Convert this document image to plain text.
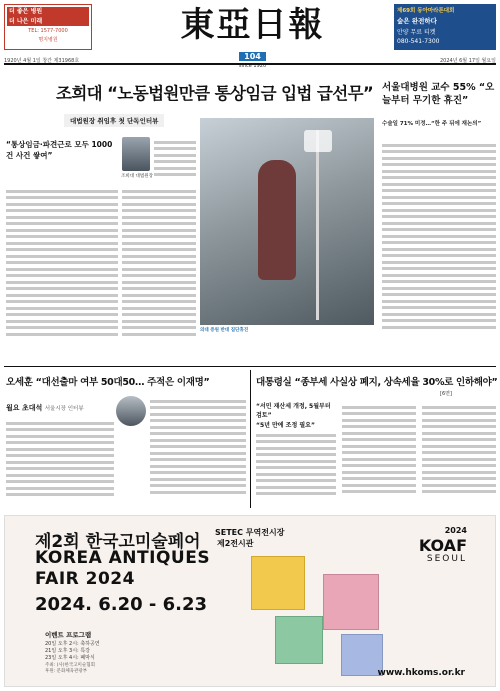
더 좋은 병원
더 나은 미래
TEL: 1577-7000
명지병원	東亞日報
104
since 1920
제69회 동아마라톤대회
숲은 완전하다
안양 무료 티켓
080-541-7300
1920년 4월 1일 창간 제31968호	2024년 6월 17일 월요일
조희대 “노동법원만큼 통상임금 입법 급선무”
대법원장 취임후 첫 단독인터뷰
“통상임금·파견근로 모두 1000건 사건 쌓여”
조희대 대법원장
의대 증원 반대 집단휴진
서울대병원 교수 55% “오늘부터 무기한 휴진”
수술일 71% 미정…“한 주 뒤에 재논의”
오세훈 “대선출마 여부 50대50… 주적은 이재명”
월요 초대석 서울시장 인터뷰
대통령실 “종부세 사실상 폐지, 상속세율 30%로 인하해야”
[6면]
“서민 재산세 개정, 5월부터 검토”
“5년 만에 조정 필요”
제2회 한국고미술페어
KOREA ANTIQUES
FAIR 2024
2024. 6.20 - 6.23
이벤트 프로그램
20일 오후 2시: 축하공연
21일 오후 3시: 특강
23일 오후 4시: 폐막식
주최: (사)한국고미술협회
후원: 문화체육관광부
SETEC 무역전시장
제2전시관
2024
KOAF
SEOUL
www.hkoms.or.kr
